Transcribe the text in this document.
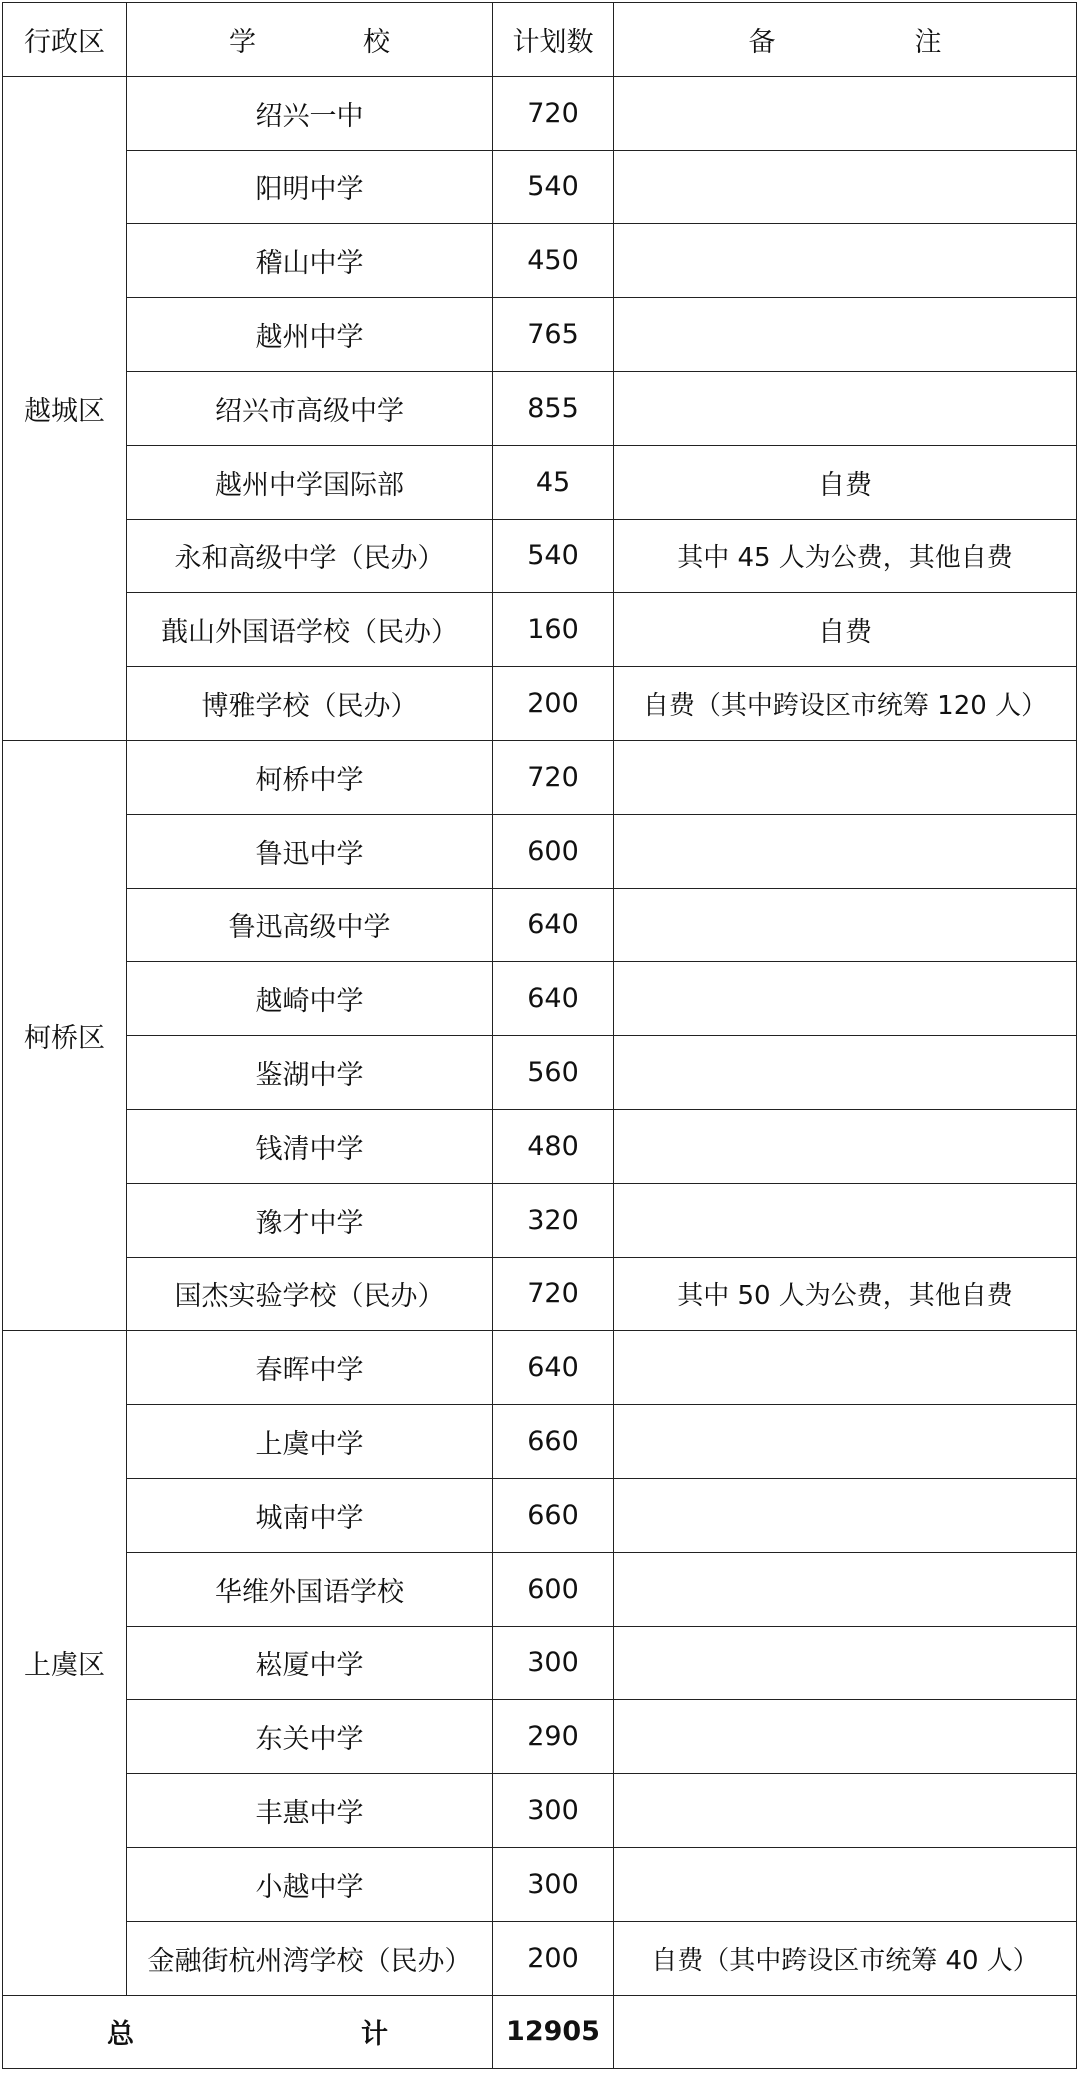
行政区	学　校	计划数	备　注
越城区	绍兴一中	720	
	阳明中学	540	
	稽山中学	450	
	越州中学	765	
	绍兴市高级中学	855	
	越州中学国际部	45	自费
	永和高级中学（民办）	540	其中 45 人为公费，其他自费
	蕺山外国语学校（民办）	160	自费
	博雅学校（民办）	200	自费（其中跨设区市统筹 120 人）
柯桥区	柯桥中学	720	
	鲁迅中学	600	
	鲁迅高级中学	640	
	越崎中学	640	
	鉴湖中学	560	
	钱清中学	480	
	豫才中学	320	
	国杰实验学校（民办）	720	其中 50 人为公费，其他自费
上虞区	春晖中学	640	
	上虞中学	660	
	城南中学	660	
	华维外国语学校	600	
	崧厦中学	300	
	东关中学	290	
	丰惠中学	300	
	小越中学	300	
	金融街杭州湾学校（民办）	200	自费（其中跨设区市统筹 40 人）
总　计		12905	
